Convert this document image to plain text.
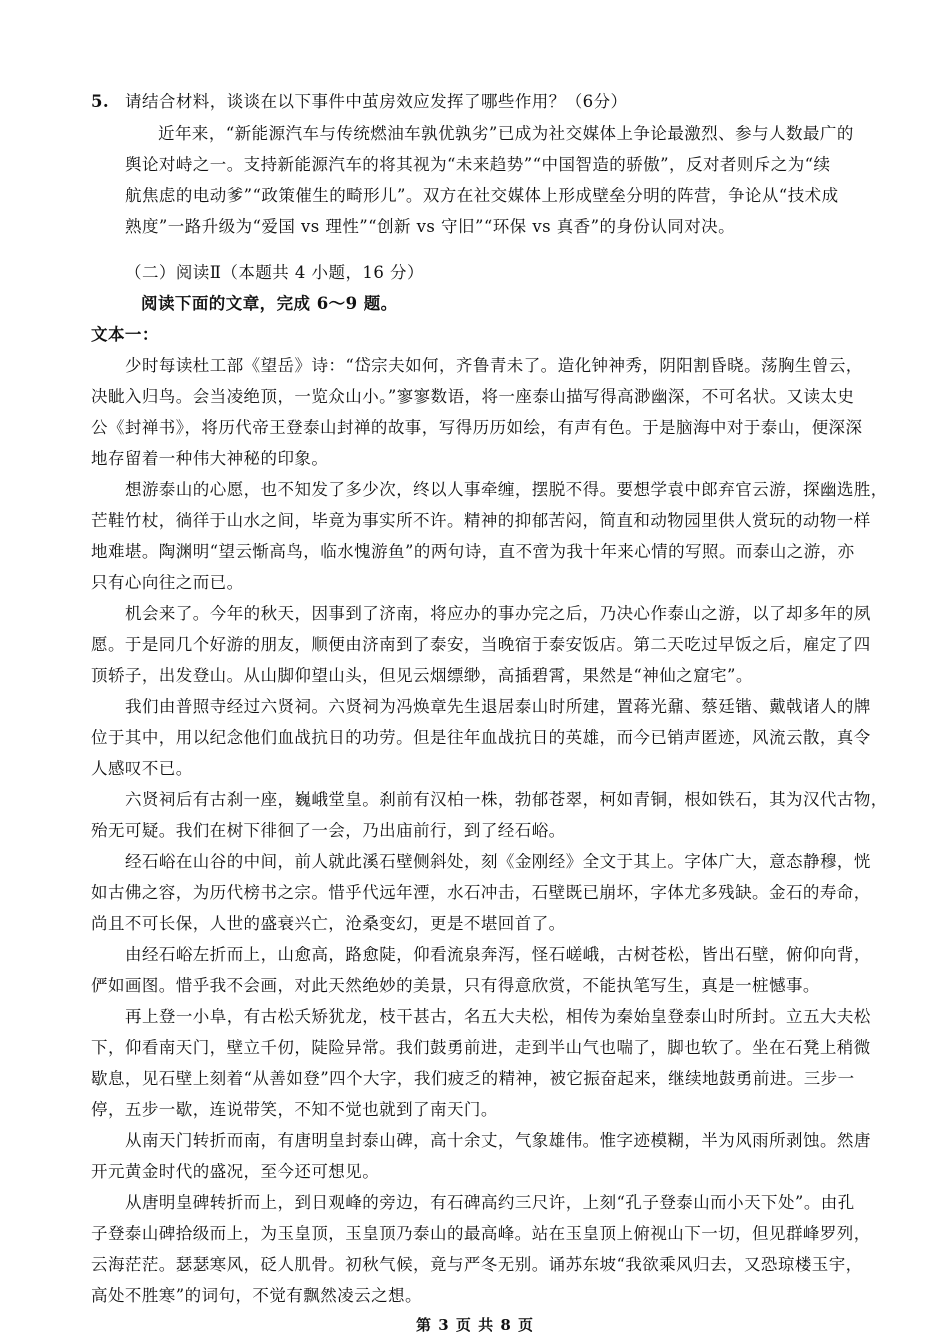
5. 请结合材料，谈谈在以下事件中茧房效应发挥了哪些作用？（6分）
近年来，“新能源汽车与传统燃油车孰优孰劣”已成为社交媒体上争论最激烈、参与人数最广的
舆论对峙之一。支持新能源汽车的将其视为“未来趋势”“中国智造的骄傲”，反对者则斥之为“续
航焦虑的电动爹”“政策催生的畸形儿”。双方在社交媒体上形成壁垒分明的阵营，争论从“技术成
熟度”一路升级为“爱国 vs 理性”“创新 vs 守旧”“环保 vs 真香”的身份认同对决。
（二）阅读Ⅱ（本题共 4 小题，16 分）
阅读下面的文章，完成 6～9 题。
文本一：
少时每读杜工部《望岳》诗：“岱宗夫如何，齐鲁青未了。造化钟神秀，阴阳割昏晓。荡胸生曾云，
决眦入归鸟。会当凌绝顶，一览众山小。”寥寥数语，将一座泰山描写得高渺幽深，不可名状。又读太史
公《封禅书》，将历代帝王登泰山封禅的故事，写得历历如绘，有声有色。于是脑海中对于泰山，便深深
地存留着一种伟大神秘的印象。
想游泰山的心愿，也不知发了多少次，终以人事牵缠，摆脱不得。要想学袁中郎弃官云游，探幽选胜，
芒鞋竹杖，徜徉于山水之间，毕竟为事实所不许。精神的抑郁苦闷，简直和动物园里供人赏玩的动物一样
地难堪。陶渊明“望云惭高鸟，临水愧游鱼”的两句诗，直不啻为我十年来心情的写照。而泰山之游，亦
只有心向往之而已。
机会来了。今年的秋天，因事到了济南，将应办的事办完之后，乃决心作泰山之游，以了却多年的夙
愿。于是同几个好游的朋友，顺便由济南到了泰安，当晚宿于泰安饭店。第二天吃过早饭之后，雇定了四
顶轿子，出发登山。从山脚仰望山头，但见云烟缥缈，高插碧霄，果然是“神仙之窟宅”。
我们由普照寺经过六贤祠。六贤祠为冯焕章先生退居泰山时所建，置蒋光鼐、蔡廷锴、戴戟诸人的牌
位于其中，用以纪念他们血战抗日的功劳。但是往年血战抗日的英雄，而今已销声匿迹，风流云散，真令
人感叹不已。
六贤祠后有古刹一座，巍峨堂皇。刹前有汉柏一株，勃郁苍翠，柯如青铜，根如铁石，其为汉代古物，
殆无可疑。我们在树下徘徊了一会，乃出庙前行，到了经石峪。
经石峪在山谷的中间，前人就此溪石壁侧斜处，刻《金刚经》全文于其上。字体广大，意态静穆，恍
如古佛之容，为历代榜书之宗。惜乎代远年湮，水石冲击，石壁既已崩坏，字体尤多残缺。金石的寿命，
尚且不可长保，人世的盛衰兴亡，沧桑变幻，更是不堪回首了。
由经石峪左折而上，山愈高，路愈陡，仰看流泉奔泻，怪石嵯峨，古树苍松，皆出石壁，俯仰向背，
俨如画图。惜乎我不会画，对此天然绝妙的美景，只有得意欣赏，不能执笔写生，真是一桩憾事。
再上登一小阜，有古松夭矫犹龙，枝干甚古，名五大夫松，相传为秦始皇登泰山时所封。立五大夫松
下，仰看南天门，壁立千仞，陡险异常。我们鼓勇前进，走到半山气也喘了，脚也软了。坐在石凳上稍微
歇息，见石壁上刻着“从善如登”四个大字，我们疲乏的精神，被它振奋起来，继续地鼓勇前进。三步一
停，五步一歇，连说带笑，不知不觉也就到了南天门。
从南天门转折而南，有唐明皇封泰山碑，高十余丈，气象雄伟。惟字迹模糊，半为风雨所剥蚀。然唐
开元黄金时代的盛况，至今还可想见。
从唐明皇碑转折而上，到日观峰的旁边，有石碑高约三尺许，上刻“孔子登泰山而小天下处”。由孔
子登泰山碑拾级而上，为玉皇顶，玉皇顶乃泰山的最高峰。站在玉皇顶上俯视山下一切，但见群峰罗列，
云海茫茫。瑟瑟寒风，砭人肌骨。初秋气候，竟与严冬无别。诵苏东坡“我欲乘风归去，又恐琼楼玉宇，
高处不胜寒”的词句，不觉有飘然凌云之想。
第 3 页 共 8 页
